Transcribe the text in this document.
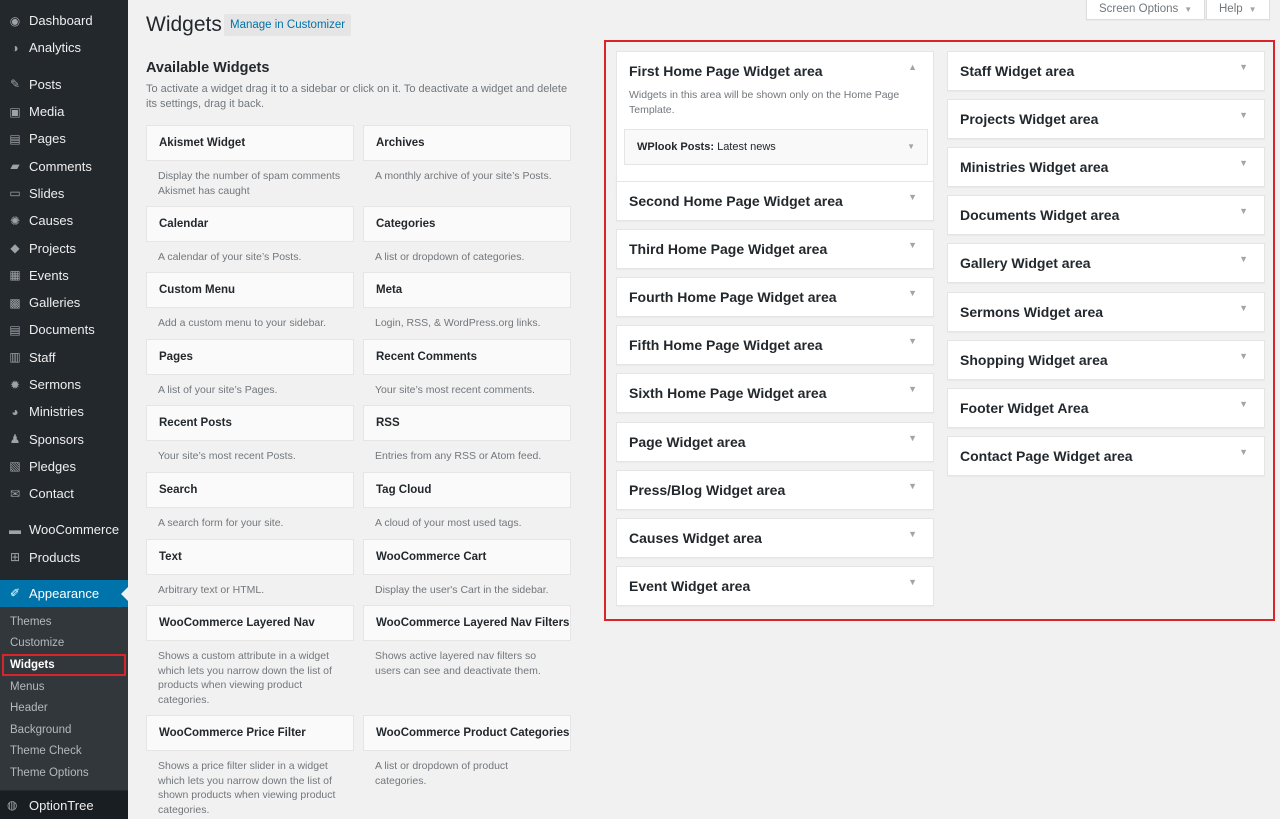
◉ Dashboard
◑ Analytics
✎ Posts
▣ Media
▤ Pages
▰ Comments
▭ Slides
✺ Causes
◆ Projects
▦ Events
▩ Galleries
▤ Documents
▥ Staff
✹ Sermons
◕ Ministries
♟ Sponsors
▧ Pledges
✉ Contact
▬ WooCommerce
⊞ Products
✐ Appearance
Themes
Customize
Widgets
Menus
Header
Background
Theme Check
Theme Options
◍ OptionTree
Widgets Manage in Customizer
Screen Options ▼	Help ▼
Available Widgets
To activate a widget drag it to a sidebar or click on it. To deactivate a widget and delete its settings, drag it back.
Akismet Widget
Display the number of spam comments Akismet has caught
Archives
A monthly archive of your site’s Posts.
Calendar
A calendar of your site’s Posts.
Categories
A list or dropdown of categories.
Custom Menu
Add a custom menu to your sidebar.
Meta
Login, RSS, & WordPress.org links.
Pages
A list of your site’s Pages.
Recent Comments
Your site’s most recent comments.
Recent Posts
Your site’s most recent Posts.
RSS
Entries from any RSS or Atom feed.
Search
A search form for your site.
Tag Cloud
A cloud of your most used tags.
Text
Arbitrary text or HTML.
WooCommerce Cart
Display the user's Cart in the sidebar.
WooCommerce Layered Nav
Shows a custom attribute in a widget which lets you narrow down the list of products when viewing product categories.
WooCommerce Layered Nav Filters
Shows active layered nav filters so users can see and deactivate them.
WooCommerce Price Filter
Shows a price filter slider in a widget which lets you narrow down the list of shown products when viewing product categories.
WooCommerce Product Categories
A list or dropdown of product categories.
First Home Page Widget area	▲
Widgets in this area will be shown only on the Home Page Template.
WPlook Posts: Latest news	▼
Second Home Page Widget area	▼
Third Home Page Widget area	▼
Fourth Home Page Widget area	▼
Fifth Home Page Widget area	▼
Sixth Home Page Widget area	▼
Page Widget area	▼
Press/Blog Widget area	▼
Causes Widget area	▼
Event Widget area	▼
Staff Widget area	▼
Projects Widget area	▼
Ministries Widget area	▼
Documents Widget area	▼
Gallery Widget area	▼
Sermons Widget area	▼
Shopping Widget area	▼
Footer Widget Area	▼
Contact Page Widget area	▼
